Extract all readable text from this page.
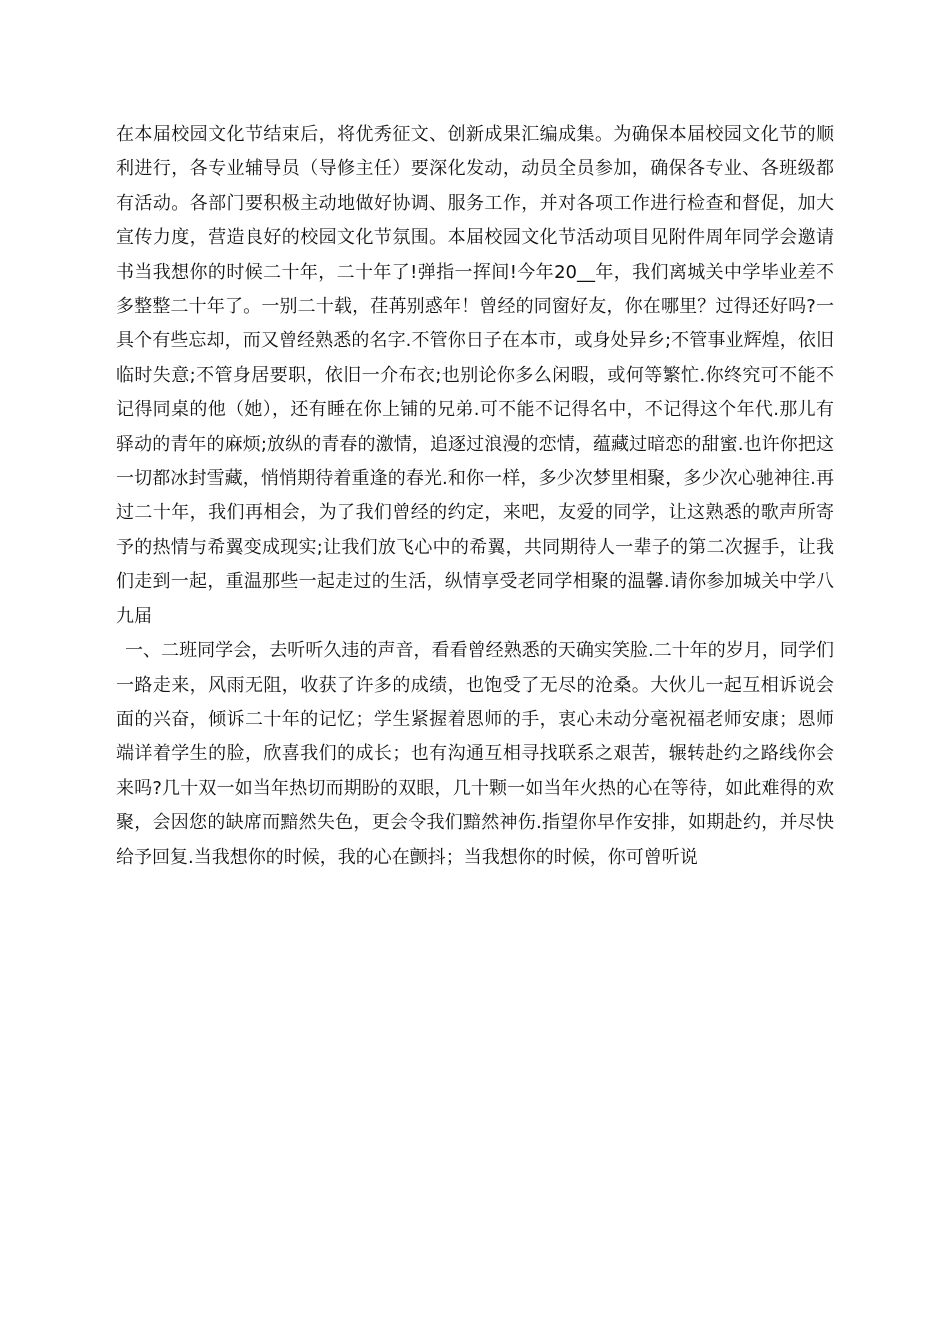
在本届校园文化节结束后，将优秀征文、创新成果汇编成集。为确保本届校园文化节的顺利进行，各专业辅导员（导修主任）要深化发动，动员全员参加，确保各专业、各班级都有活动。各部门要积极主动地做好协调、服务工作，并对各项工作进行检查和督促，加大宣传力度，营造良好的校园文化节氛围。本届校园文化节活动项目见附件周年同学会邀请书当我想你的时候二十年，二十年了!弹指一挥间!今年20__年，我们离城关中学毕业差不多整整二十年了。一别二十载，荏苒别惑年！曾经的同窗好友，你在哪里？过得还好吗?一具个有些忘却，而又曾经熟悉的名字.不管你日子在本市，或身处异乡;不管事业辉煌，依旧临时失意;不管身居要职，依旧一介布衣;也别论你多么闲暇，或何等繁忙.你终究可不能不记得同桌的他（她），还有睡在你上铺的兄弟.可不能不记得名中，不记得这个年代.那儿有驿动的青年的麻烦;放纵的青春的激情，追逐过浪漫的恋情，蕴藏过暗恋的甜蜜.也许你把这一切都冰封雪藏，悄悄期待着重逢的春光.和你一样，多少次梦里相聚，多少次心驰神往.再过二十年，我们再相会，为了我们曾经的约定，来吧，友爱的同学，让这熟悉的歌声所寄予的热情与希翼变成现实;让我们放飞心中的希翼，共同期待人一辈子的第二次握手，让我们走到一起，重温那些一起走过的生活，纵情享受老同学相聚的温馨.请你参加城关中学八九届

一、二班同学会，去听听久违的声音，看看曾经熟悉的天确实笑脸.二十年的岁月，同学们一路走来，风雨无阻，收获了许多的成绩，也饱受了无尽的沧桑。大伙儿一起互相诉说会面的兴奋，倾诉二十年的记忆；学生紧握着恩师的手，衷心未动分毫祝福老师安康；恩师端详着学生的脸，欣喜我们的成长；也有沟通互相寻找联系之艰苦，辗转赴约之路线你会来吗?几十双一如当年热切而期盼的双眼，几十颗一如当年火热的心在等待，如此难得的欢聚，会因您的缺席而黯然失色，更会令我们黯然神伤.指望你早作安排，如期赴约，并尽快给予回复.当我想你的时候，我的心在颤抖；当我想你的时候，你可曾听说
